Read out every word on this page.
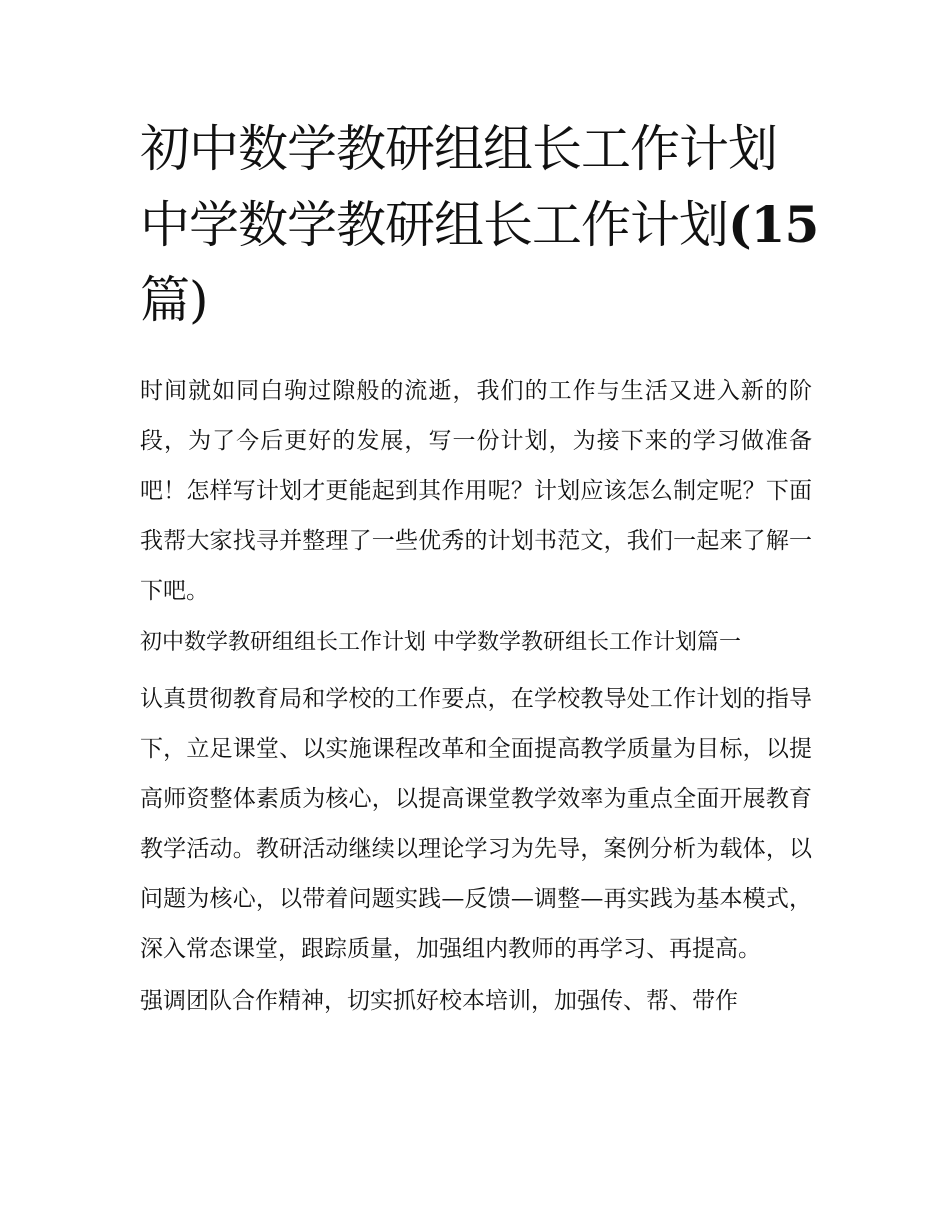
初中数学教研组组长工作计划
中学数学教研组长工作计划(15
篇)

时间就如同白驹过隙般的流逝，我们的工作与生活又进入新的阶段，为了今后更好的发展，写一份计划，为接下来的学习做准备吧！怎样写计划才更能起到其作用呢？计划应该怎么制定呢？下面我帮大家找寻并整理了一些优秀的计划书范文，我们一起来了解一下吧。

初中数学教研组组长工作计划 中学数学教研组长工作计划篇一

认真贯彻教育局和学校的工作要点，在学校教导处工作计划的指导下，立足课堂、以实施课程改革和全面提高教学质量为目标，以提高师资整体素质为核心，以提高课堂教学效率为重点全面开展教育教学活动。教研活动继续以理论学习为先导，案例分析为载体，以问题为核心，以带着问题实践—反馈—调整—再实践为基本模式，深入常态课堂，跟踪质量，加强组内教师的再学习、再提高。

强调团队合作精神，切实抓好校本培训，加强传、帮、带作
